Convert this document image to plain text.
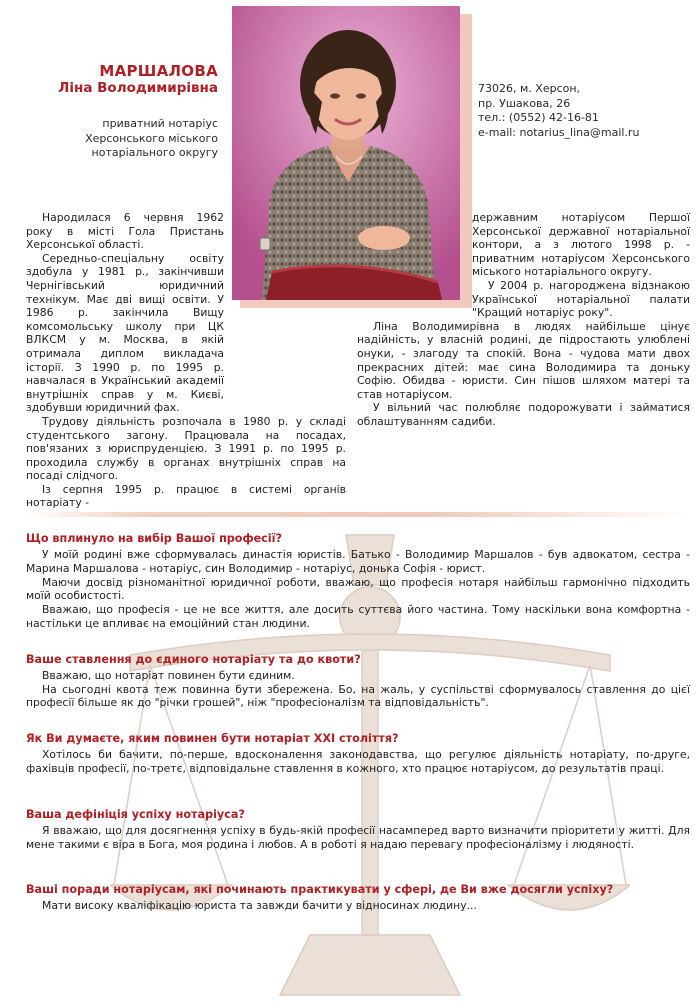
МАРШАЛОВА
Ліна Володимирівна
приватний нотаріус
Херсонського міського
нотаріального округу
73026, м. Херсон,
пр. Ушакова, 26
тел.: (0552) 42-16-81
e-mail: notarius_lina@mail.ru

Народилася 6 червня 1962 року в місті Гола Пристань Херсонської області.

Середньо-спеціальну освіту здобула у 1981 р., закінчивши Чернігівський юридичний технікум. Має дві вищі освіти. У 1986 р. закінчила Вищу комсомольську школу при ЦК ВЛКСМ у м. Москва, в якій отримала диплом викладача історії. З 1990 р. по 1995 р. навчалася в Український академії внутрішніх справ у м. Києві, здобувши юридичний фах.

Трудову діяльність розпочала в 1980 р. у складі студентського загону. Працювала на посадах, пов'язаних з юриспруденцією. З 1991 р. по 1995 р. проходила службу в органах внутрішніх справ на посаді слідчого.

Із серпня 1995 р. працює в системі органів нотаріату -

державним нотаріусом Першої Херсонської державної нотаріальної контори, а з лютого 1998 р. - приватним нотаріусом Херсонського міського нотаріального округу.

У 2004 р. нагороджена відзнакою Української нотаріальної палати "Кращий нотаріус року".

Ліна Володимирівна в людях найбільше цінує надійність, у власній родині, де підростають улюблені онуки, - злагоду та спокій. Вона - чудова мати двох прекрасних дітей: має сина Володимира та доньку Софію. Обидва - юристи. Син пішов шляхом матері та став нотаріусом.

У вільний час полюбляє подорожувати і займатися облаштуванням садиби.

Що вплинуло на вибір Вашої професії?

У моїй родині вже сформувалась династія юристів. Батько - Володимир Маршалов - був адвокатом, сестра - Марина Маршалова - нотаріус, син Володимир - нотаріус, донька Софія - юрист.

Маючи досвід різноманітної юридичної роботи, вважаю, що професія нотаря найбільш гармонічно підходить моїй особистості.

Вважаю, що професія - це не все життя, але досить суттєва його частина. Тому наскільки вона комфортна - настільки це впливає на емоційний стан людини.

Ваше ставлення до єдиного нотаріату та до квоти?

Вважаю, що нотаріат повинен бути єдиним.

На сьогодні квота теж повинна бути збережена. Бо, на жаль, у суспільстві сформувалось ставлення до цієї професії більше як до "річки грошей", ніж "професіоналізм та відповідальність".

Як Ви думаєте, яким повинен бути нотаріат XXI століття?

Хотілось би бачити, по-перше, вдосконалення законодавства, що регулює діяльність нотаріату, по-друге, фахівців професії, по-третє, відповідальне ставлення в кожного, хто працює нотаріусом, до результатів праці.

Ваша дефініція успіху нотаріуса?

Я вважаю, що для досягнення успіху в будь-якій професії насамперед варто визначити пріоритети у житті. Для мене такими є віра в Бога, моя родина і любов. А в роботі я надаю перевагу професіоналізму і людяності.

Ваші поради нотаріусам, які починають практикувати у сфері, де Ви вже досягли успіху?

Мати високу кваліфікацію юриста та завжди бачити у відносинах людину...
